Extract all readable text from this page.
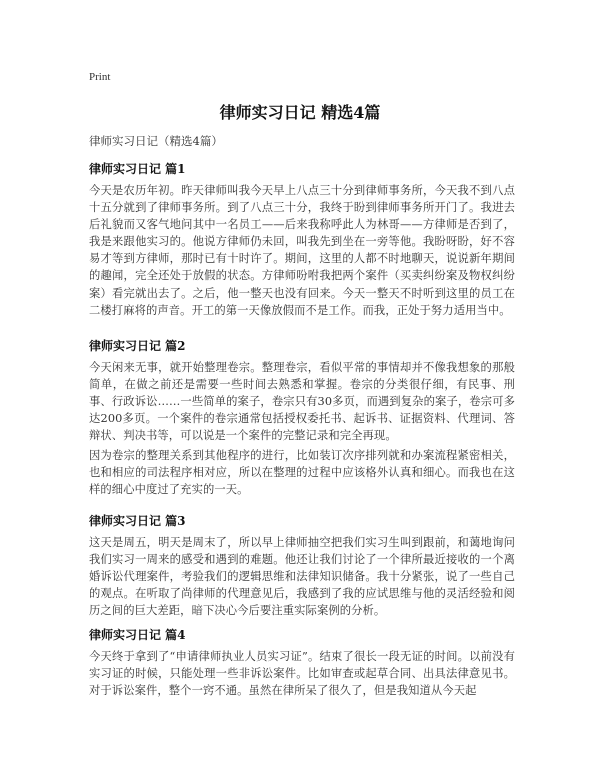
Print
律师实习日记 精选4篇
律师实习日记（精选4篇）
律师实习日记 篇1
今天是农历年初。昨天律师叫我今天早上八点三十分到律师事务所，今天我不到八点十五分就到了律师事务所。到了八点三十分，我终于盼到律师事务所开门了。我进去后礼貌而又客气地问其中一名员工——后来我称呼此人为林哥——方律师是否到了，我是来跟他实习的。他说方律师仍未回，叫我先到坐在一旁等他。我盼呀盼，好不容易才等到方律师，那时已有十时许了。期间，这里的人都不时地聊天，说说新年期间的趣闻，完全还处于放假的状态。方律师吩咐我把两个案件（买卖纠纷案及物权纠纷案）看完就出去了。之后，他一整天也没有回来。今天一整天不时听到这里的员工在二楼打麻将的声音。开工的第一天像放假而不是工作。而我，正处于努力适用当中。
律师实习日记 篇2
今天闲来无事，就开始整理卷宗。整理卷宗，看似平常的事情却并不像我想象的那般简单，在做之前还是需要一些时间去熟悉和掌握。卷宗的分类很仔细，有民事、刑事、行政诉讼……一些简单的案子，卷宗只有30多页，而遇到复杂的案子，卷宗可多达200多页。一个案件的卷宗通常包括授权委托书、起诉书、证据资料、代理词、答辩状、判决书等，可以说是一个案件的完整记录和完全再现。
因为卷宗的整理关系到其他程序的进行，比如装订次序排列就和办案流程紧密相关，也和相应的司法程序相对应，所以在整理的过程中应该格外认真和细心。而我也在这样的细心中度过了充实的一天。
律师实习日记 篇3
这天是周五，明天是周末了，所以早上律师抽空把我们实习生叫到跟前，和蔼地询问我们实习一周来的感受和遇到的难题。他还让我们讨论了一个律所最近接收的一个离婚诉讼代理案件，考验我们的逻辑思维和法律知识储备。我十分紧张，说了一些自己的观点。在听取了尚律师的代理意见后，我感到了我的应试思维与他的灵活经验和阅历之间的巨大差距，暗下决心今后要注重实际案例的分析。
律师实习日记 篇4
今天终于拿到了“申请律师执业人员实习证”。结束了很长一段无证的时间。以前没有实习证的时候，只能处理一些非诉讼案件。比如审查或起草合同、出具法律意见书。对于诉讼案件，整个一窍不通。虽然在律所呆了很久了，但是我知道从今天起
